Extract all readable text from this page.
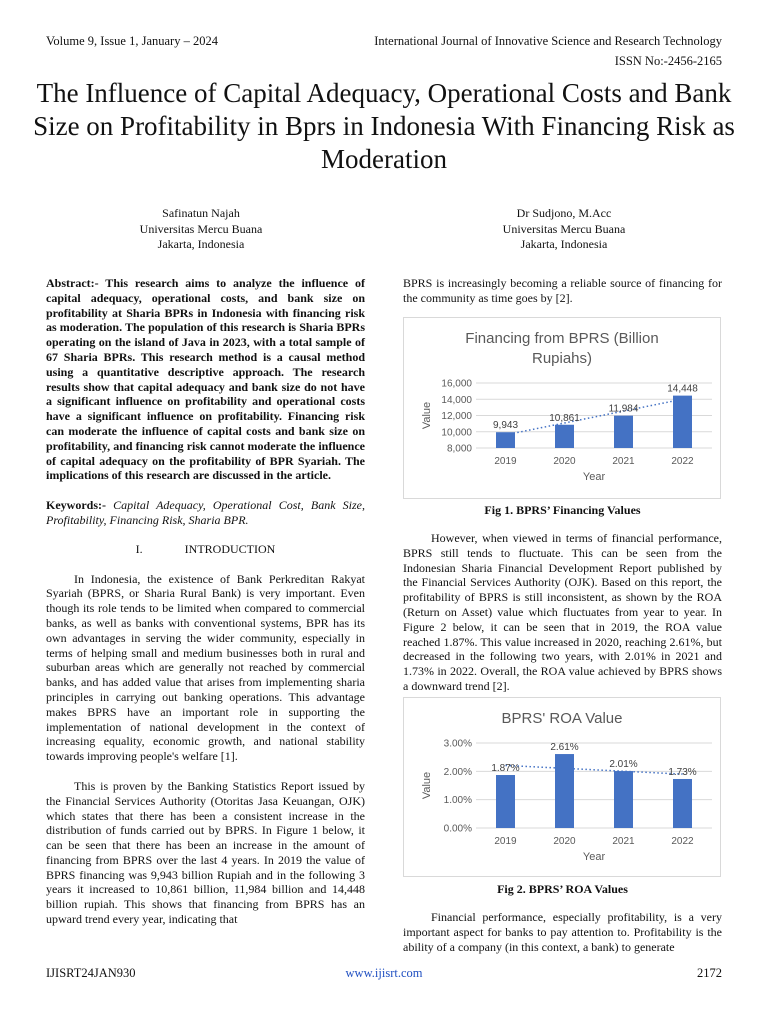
Volume 9, Issue 1, January – 2024	International Journal of Innovative Science and Research Technology
ISSN No:-2456-2165
The Influence of Capital Adequacy, Operational Costs and Bank Size on Profitability in Bprs in Indonesia With Financing Risk as Moderation
Safinatun Najah
Universitas Mercu Buana
Jakarta, Indonesia
Dr Sudjono, M.Acc
Universitas Mercu Buana
Jakarta, Indonesia

Abstract:- This research aims to analyze the influence of capital adequacy, operational costs, and bank size on profitability at Sharia BPRs in Indonesia with financing risk as moderation. The population of this research is Sharia BPRs operating on the island of Java in 2023, with a total sample of 67 Sharia BPRs. This research method is a causal method using a quantitative descriptive approach. The research results show that capital adequacy and bank size do not have a significant influence on profitability and operational costs have a significant influence on profitability. Financing risk can moderate the influence of capital costs and bank size on profitability, and financing risk cannot moderate the influence of capital adequacy on the profitability of BPR Syariah. The implications of this research are discussed in the article.

Keywords:- Capital Adequacy, Operational Cost, Bank Size, Profitability, Financing Risk, Sharia BPR.

I.	INTRODUCTION

In Indonesia, the existence of Bank Perkreditan Rakyat Syariah (BPRS, or Sharia Rural Bank) is very important. Even though its role tends to be limited when compared to commercial banks, as well as banks with conventional systems, BPR has its own advantages in serving the wider community, especially in terms of helping small and medium businesses both in rural and suburban areas which are generally not reached by commercial banks, and has added value that arises from implementing sharia principles in carrying out banking operations. This advantage makes BPRS have an important role in supporting the implementation of national development in the context of increasing equality, economic growth, and national stability towards improving people's welfare [1].

This is proven by the Banking Statistics Report issued by the Financial Services Authority (Otoritas Jasa Keuangan, OJK) which states that there has been a consistent increase in the distribution of funds carried out by BPRS. In Figure 1 below, it can be seen that there has been an increase in the amount of financing from BPRS over the last 4 years. In 2019 the value of BPRS financing was 9,943 billion Rupiah and in the following 3 years it increased to 10,861 billion, 11,984 billion and 14,448 billion rupiah. This shows that financing from BPRS has an upward trend every year, indicating that

BPRS is increasingly becoming a reliable source of financing for the community as time goes by [2].
Financing from BPRS (Billion
Rupiahs)
16,000
14,000
12,000
10,000
8,000
9,943
10,861
11,984
14,448
2019	2020	2021	2022
Year
Value
Fig 1. BPRS’ Financing Values

However, when viewed in terms of financial performance, BPRS still tends to fluctuate. This can be seen from the Indonesian Sharia Financial Development Report published by the Financial Services Authority (OJK). Based on this report, the profitability of BPRS is still inconsistent, as shown by the ROA (Return on Asset) value which fluctuates from year to year. In Figure 2 below, it can be seen that in 2019, the ROA value reached 1.87%. This value increased in 2020, reaching 2.61%, but decreased in the following two years, with 2.01% in 2021 and 1.73% in 2022. Overall, the ROA value achieved by BPRS shows a downward trend [2].

BPRS' ROA Value
3.00%
2.00%
1.00%
0.00%
1.87%
2.61%
2.01%
1.73%
2019	2020	2021	2022
Year
Value
Fig 2. BPRS’ ROA Values

Financial performance, especially profitability, is a very important aspect for banks to pay attention to. Profitability is the ability of a company (in this context, a bank) to generate

IJISRT24JAN930	www.ijisrt.com	2172
